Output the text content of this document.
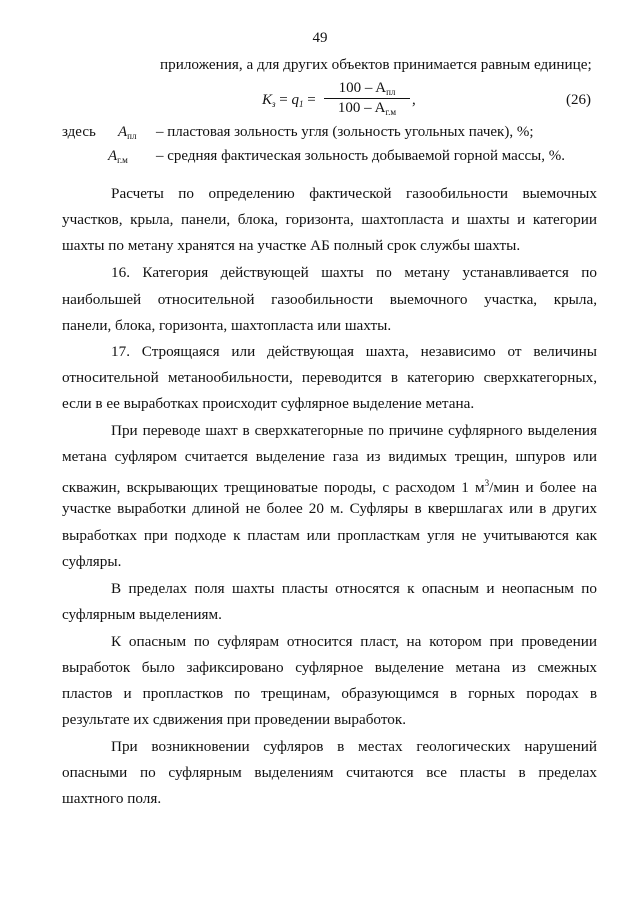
49
приложения, а для других объектов принимается равным единице;
$K_з = q_1$ =
$100 - A_{пл}$
$100 - A_{г.м}$
,	(26)
здесь $A_{пл}$ – пластовая зольность угля (зольность угольных пачек), %;
$A_{г.м}$ – средняя фактическая зольность добываемой горной массы, %.
Расчеты по определению фактической газообильности выемочных
участков, крыла, панели, блока, горизонта, шахтопласта и шахты и категории
шахты по метану хранятся на участке АБ полный срок службы шахты.
16. Категория действующей шахты по метану устанавливается по
наибольшей относительной газообильности выемочного участка, крыла,
панели, блока, горизонта, шахтопласта или шахты.
17. Строящаяся или действующая шахта, независимо от величины
относительной метанообильности, переводится в категорию сверхкатегорных,
если в ее выработках происходит суфлярное выделение метана.
При переводе шахт в сверхкатегорные по причине суфлярного выделения
метана суфляром считается выделение газа из видимых трещин, шпуров или
скважин, вскрывающих трещиноватые породы, с расходом 1 $м^3$/мин и более на
участке выработки длиной не более 20 м. Суфляры в квершлагах или в других
выработках при подходе к пластам или пропласткам угля не учитываются как
суфляры.
В пределах поля шахты пласты относятся к опасным и неопасным по
суфлярным выделениям.
К опасным по суфлярам относится пласт, на котором при проведении
выработок было зафиксировано суфлярное выделение метана из смежных
пластов и пропластков по трещинам, образующимся в горных породах в
результате их сдвижения при проведении выработок.
При возникновении суфляров в местах геологических нарушений
опасными по суфлярным выделениям считаются все пласты в пределах
шахтного поля.
